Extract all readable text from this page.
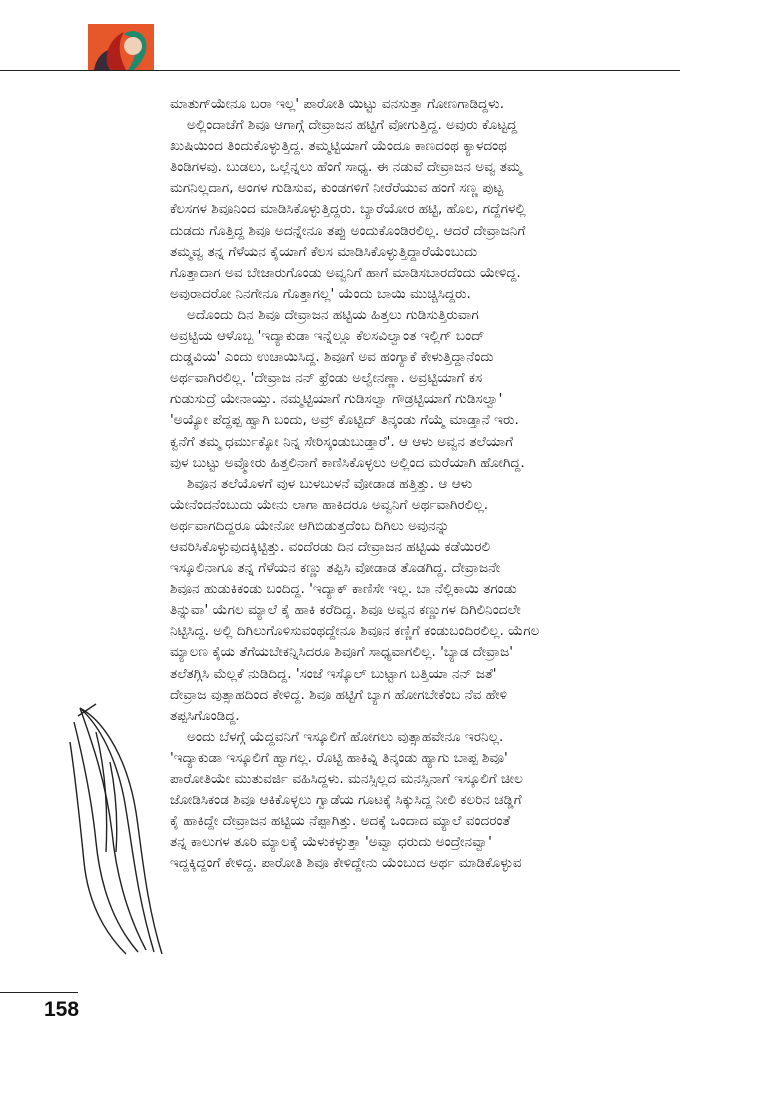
ಮಾತುಗ್‌ಯೇನೂ ಬರಾ ಇಲ್ಲ' ಪಾರೋತಿ ಯಿಟ್ಟು ವನಸುತ್ತಾ ಗೋಣಗಾಡಿದ್ದಳು.

ಅಲ್ಲಿಂದಾಚೆಗೆ ಶಿವೂ ಆಗಾಗ್ಗೆ ದೇವ್ರಾಜನ ಹಟ್ಟಿಗೆ ವೋಗುತ್ತಿದ್ದ. ಅವುರು ಕೊಟ್ಟದ್ದ

ಖುಷಿಯಿಂದ ತಿಂದುಕೊಳ್ಳುತ್ತಿದ್ದ. ತಮ್ಮಟ್ಟಿಯಾಗೆ ಯೆಂದೂ ಕಾಣದಂಥ ಕ್ಯಾಳದಂಥ

ತಿಂಡಿಗಳವು. ಬುಡಲು, ಒಲ್ಲೆನ್ನಲು ಹೆಂಗೆ ಸಾಧ್ಯ. ಈ ನಡುವೆ ದೇವ್ರಾಜನ ಅವ್ವ ತಮ್ಮ

ಮಗನಿಲ್ಲದಾಗ, ಅಂಗಳ ಗುಡಿಸುವ, ಕುಂಡಗಳಿಗೆ ನೀರೆರೆಯುವ ಹಂಗೆ ಸಣ್ಣ ಪುಟ್ಟ

ಕೆಲಸಗಳ ಶಿವೂನಿಂದ ಮಾಡಿಸಿಕೊಳ್ಳುತ್ತಿದ್ದರು. ಬ್ಯಾರೆಯೋರ ಹಟ್ಟಿ, ಹೊಲ, ಗದ್ದೆಗಳಲ್ಲಿ

ದುಡದು ಗೊತ್ತಿದ್ದ ಶಿವೂ ಅದನ್ನೇನೂ ತಪ್ಪು ಅಂದುಕೊಂಡಿರಲಿಲ್ಲ. ಆದರೆ ದೇವ್ರಾಜನಿಗೆ

ತಮ್ಮವ್ವ ತನ್ನ ಗೆಳೆಯನ ಕೈಯಾಗೆ ಕೆಲಸ ಮಾಡಿಸಿಕೊಳ್ಳುತ್ತಿದ್ದಾರೆಯೆಂಬುದು

ಗೊತ್ತಾದಾಗ ಅವ ಬೇಜಾರುಗೊಂಡು ಅವ್ವನಿಗೆ ಹಾಗೆ ಮಾಡಿಸಬಾರದೆಂದು ಯೇಳಿದ್ದ.

ಅವುರಾದರೋ ನಿನಗೇನೂ ಗೊತ್ತಾಗಲ್ಲ' ಯೆಂದು ಬಾಯಿ ಮುಚ್ಚಿಸಿದ್ದರು.

ಅದೊಂದು ದಿನ ಶಿವೂ ದೇವ್ರಾಜನ ಹಟ್ಟಿಯ ಹಿತ್ತಲು ಗುಡಿಸುತ್ತಿರುವಾಗ

ಅವ್ರಟ್ಟಿಯ ಆಳೊಬ್ಬ 'ಇದ್ಯಾಕುಡಾ ಇನ್ನೆಲ್ಲೂ ಕೆಲಸವಿಲ್ವಾಂತ ಇಲ್ಲಿಗ್ ಬಂದ್

ದುಡ್ಡವಿಯ' ಎಂದು ಉಚಾಯಿಸಿದ್ದ. ಶಿವೂಗೆ ಅವ ಹಂಗ್ಯಾಕೆ ಕೇಳುತ್ತಿದ್ದಾನೆಂದು

ಅರ್ಥವಾಗಿರಲಿಲ್ಲ. 'ದೇವ್ರಾಜ ನನ್ ಫ್ರೆಂಡು ಅಲ್ವೇನಣ್ಣಾ. ಅವ್ರಟ್ಟಿಯಾಗೆ ಕಸ

ಗುಡುಸುದ್ರೆ ಯೇನಾಯ್ತು. ನಮ್ಮಟ್ಟಿಯಾಗೆ ಗುಡಿಸಲ್ವಾ ಗೌಡ್ರಟ್ಟಿಯಾಗೆ ಗುಡಿಸಲ್ವಾ'

'ಅಯ್ಯೋ ಪೆದ್ದಪ್ಪ ಹ್ವಾಗಿ ಬಂದು, ಅವ್ರ್ ಕೊಟ್ಟಿದ್ ತಿನ್ಕಂಡು ಗೆಯ್ಮೆ ಮಾಡ್ತಾನೆ ಇರು.

ಕ್ವನೆಗೆ ತಮ್ಮ ಧರ್ಮುಕ್ಕೋ ನಿನ್ನ ಸೇರಿಸ್ಕಂಡುಬುಡ್ತಾರೆ'. ಆ ಆಳು ಅವ್ವನ ತಲೆಯಾಗೆ

ವುಳ ಬುಟ್ಟು ಅವ್ಮೋರು ಹಿತ್ತಲಿನಾಗೆ ಕಾಣಿಸಿಕೊಳ್ಳಲು ಅಲ್ಲಿಂದ ಮರೆಯಾಗಿ ಹೋಗಿದ್ದ.

ಶಿವೂನ ತಲೆಯೊಳಗೆ ವುಳ ಬುಳಬುಳನೆ ವೋಡಾಡ ಹತ್ತಿತ್ತು. ಆ ಆಳು

ಯೇನೆಂದನೆಂಬುದು ಯೇನು ಲಾಗಾ ಹಾಕಿದರೂ ಅವ್ವನಿಗೆ ಅರ್ಥವಾಗಿರಲಿಲ್ಲ.

ಅರ್ಥವಾಗದಿದ್ದರೂ ಯೇನೋ ಆಗಿಬಿಡುತ್ತದೆಂಬ ದಿಗಿಲು ಅವುನನ್ನು

ಆವರಿಸಿಕೊಳ್ಳುವುದಕ್ಕಿಟ್ಟಿತ್ತು. ವಂದೆರಡು ದಿನ ದೇವ್ರಾಜನ ಹಟ್ಟಿಯ ಕಡೆಯಿರಲಿ

ಇಸ್ಕೂಲಿನಾಗೂ ತನ್ನ ಗೆಳೆಯನ ಕಣ್ಣು ತಪ್ಪಿಸಿ ವೋಡಾಡ ತೊಡಗಿದ್ದ. ದೇವ್ರಾಜನೇ

ಶಿವೂನ ಹುಡುಕಿಕಂಡು ಬಂದಿದ್ದ. 'ಇದ್ಯಾಕ್ ಕಾಣಿಸೇ ಇಲ್ಲ. ಬಾ ನೆಲ್ಲಿಕಾಯಿ ತಗಂಡು

ತಿನ್ನುವಾ' ಯೆಗಲ ಮ್ಯಾಲೆ ಕೈ ಹಾಕಿ ಕರೆದಿದ್ದ. ಶಿವೂ ಅವ್ವನ ಕಣ್ಣುಗಳ ದಿಗಿಲಿನಿಂದಲೇ

ನಿಟ್ಟಿಸಿದ್ದ. ಅಲ್ಲಿ ದಿಗಿಲುಗೊಳಿಸುವಂಥದ್ದೇನೂ ಶಿವೂನ ಕಣ್ಣಿಗೆ ಕಂಡುಬಂದಿರಲಿಲ್ಲ. ಯೆಗಲ

ಮ್ಯಾಲಣ ಕೈಯ ತೆಗೆಯಬೇಕನ್ನಿಸಿದರೂ ಶಿವೂಗೆ ಸಾಧ್ಯವಾಗಲಿಲ್ಲ. 'ಬ್ಯಾಡ ದೇವ್ರಾಜ'

ತಲೆತಗ್ಗಿಸಿ ಮೆಲ್ಲಕೆ ನುಡಿದಿದ್ದ. 'ಸಂಜೆ ಇಸ್ಕೊಲ್ ಬುಟ್ಟಾಗ ಬತ್ತಿಯಾ ನನ್ ಜತೆ'

ದೇವ್ರಾಜ ವುತ್ಸಾಹದಿಂದ ಕೇಳಿದ್ದ. ಶಿವೂ ಹಟ್ಟಿಗೆ ಬ್ಯಾಗ ಹೋಗಬೇಕೆಂಬ ನೆವ ಹೇಳಿ

ತಪ್ಪಸಿಗೊಂಡಿದ್ದ.

ಅಂದು ಬೆಳಗ್ಗೆ ಯೆದ್ದವನಿಗೆ ಇಸ್ಕೂಲಿಗೆ ಹೋಗಲು ವುತ್ಸಾಹವೇನೂ ಇರನಿಲ್ಲ.

'ಇದ್ಯಾಕುಡಾ ಇಸ್ಕೂಲಿಗೆ ಹ್ವಾಗಲ್ಲ. ರೊಟ್ಟಿ ಹಾಕಿವ್ನಿ ತಿನ್ಕಂಡು ಹ್ಯಾಗು ಬಾಪ್ಪ ಶಿವೂ'

ಪಾರೋತಿಯೇ ಮುತುವರ್ಜಿ ವಹಿಸಿದ್ದಳು. ಮನಸ್ಸಿಲ್ಲದ ಮನಸ್ಸಿನಾಗೆ ಇಸ್ಕೂಲಿಗೆ ಚೀಲ

ಜೋಡಿಸಿಕಂಡ ಶಿವೂ ಆಕಿಕೊಳ್ಳಲು ಗ್ವಾಡೆಯ ಗೂಟಕ್ಕೆ ಸಿಕ್ಕುಸಿದ್ದ ನೀಲಿ ಕಲರಿನ ಚಡ್ಡಿಗೆ

ಕೈ ಹಾಕಿದ್ದೇ ದೇವ್ರಾಜನ ಹಟ್ಟಿಯ ನೆಪ್ಪಾಗಿತ್ತು. ಅದಕ್ಕೆ ಒಂದಾದ ಮ್ಯಾಲೆ ವಂದರಂತೆ

ತನ್ನ ಕಾಲುಗಳ ತೂರಿ ಮ್ಯಾಲಕ್ಕೆ ಯೆಳುಕಳ್ಳುತ್ತಾ 'ಅವ್ವಾ ಧರುದು ಅಂದ್ರೇನವ್ವಾ'

ಇದ್ದಕ್ಕಿದ್ದಂಗೆ ಕೇಳಿದ್ದ. ಪಾರೋತಿ ಶಿವೂ ಕೇಳಿದ್ದೇನು ಯೆಂಬುದ ಅರ್ಥ ಮಾಡಿಕೊಳ್ಳುವ

158
